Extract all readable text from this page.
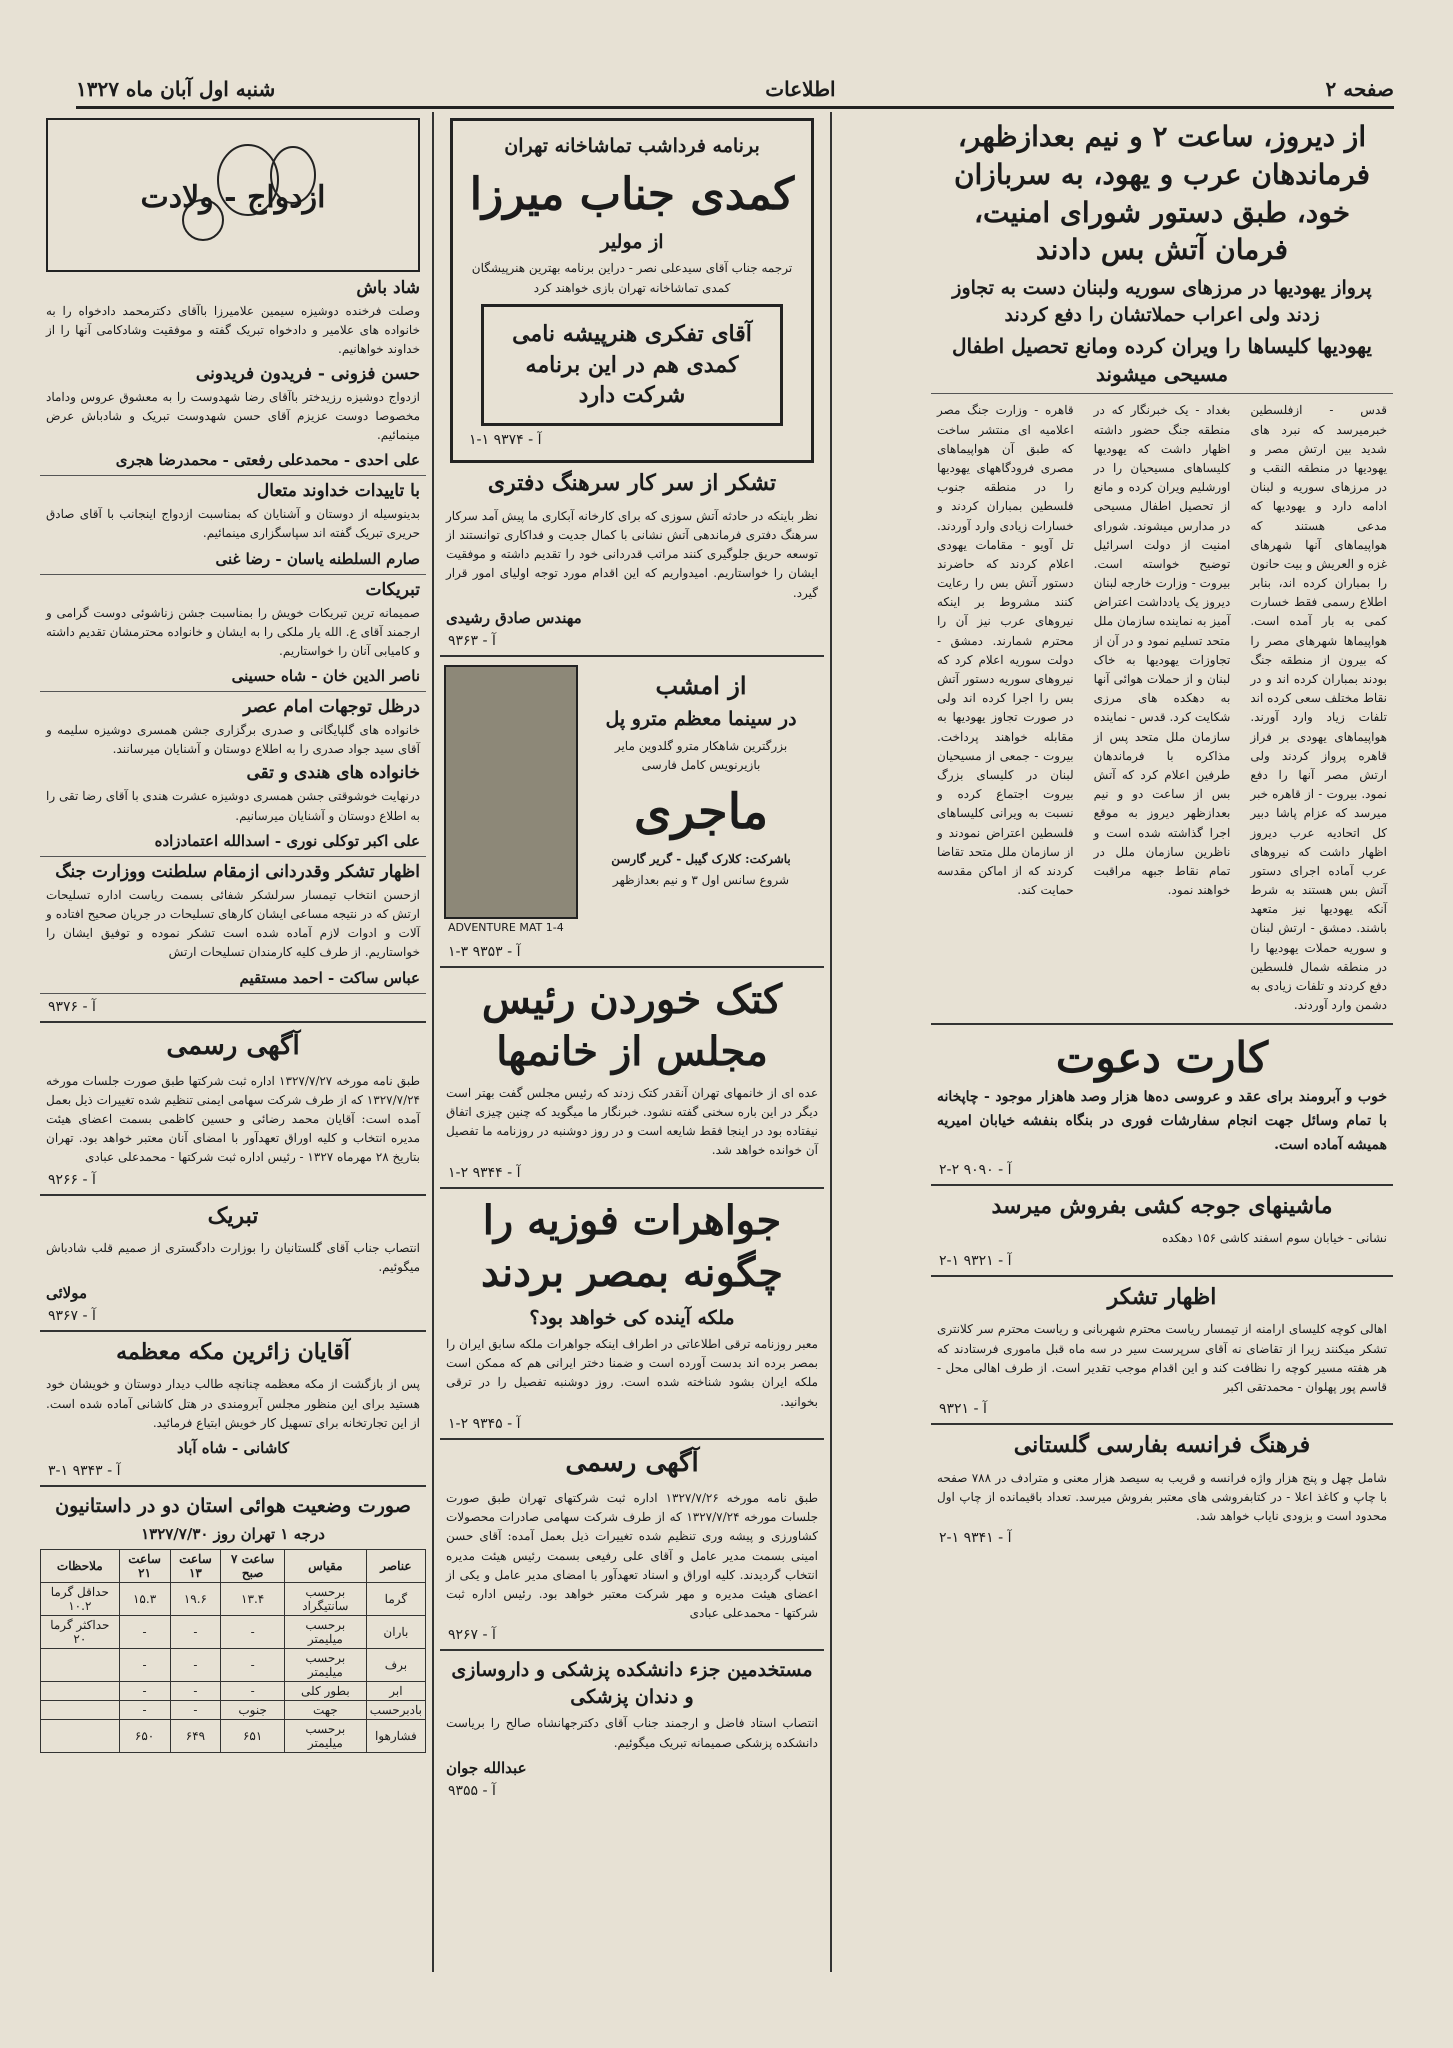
صفحه ۲
اطلاعات
شنبه اول آبان ماه ۱۳۲۷
از دیروز، ساعت ۲ و نیم بعدازظهر، فرماندهان عرب و یهود، به سربازان خود، طبق دستور شورای امنیت، فرمان آتش بس دادند
پرواز یهودیها در مرزهای سوریه ولبنان دست به تجاوز زدند ولی اعراب حملاتشان را دفع کردند
یهودیها کلیساها را ویران کرده ومانع تحصیل اطفال مسیحی میشوند
قدس - ازفلسطین خبرمیرسد که نبرد های شدید بین ارتش مصر و یهودیها در منطقه النقب و در مرزهای سوریه و لبنان ادامه دارد و یهودیها که مدعی هستند که هواپیماهای آنها شهرهای غزه و العریش و بیت حانون را بمباران کرده اند، بنابر اطلاع رسمی فقط خسارت کمی به بار آمده است. هواپیماها شهرهای مصر را که بیرون از منطقه جنگ بودند بمباران کرده اند و در نقاط مختلف سعی کرده اند تلفات زیاد وارد آورند. هواپیماهای یهودی بر فراز قاهره پرواز کردند ولی ارتش مصر آنها را دفع نمود. بیروت - از قاهره خبر میرسد که عزام پاشا دبیر کل اتحادیه عرب دیروز اظهار داشت که نیروهای عرب آماده اجرای دستور آتش بس هستند به شرط آنکه یهودیها نیز متعهد باشند. دمشق - ارتش لبنان و سوریه حملات یهودیها را در منطقه شمال فلسطین دفع کردند و تلفات زیادی به دشمن وارد آوردند.
بغداد - یک خبرنگار که در منطقه جنگ حضور داشته اظهار داشت که یهودیها کلیساهای مسیحیان را در اورشلیم ویران کرده و مانع از تحصیل اطفال مسیحی در مدارس میشوند. شورای امنیت از دولت اسرائیل توضیح خواسته است. بیروت - وزارت خارجه لبنان دیروز یک یادداشت اعتراض آمیز به نماینده سازمان ملل متحد تسلیم نمود و در آن از تجاوزات یهودیها به خاک لبنان و از حملات هوائی آنها به دهکده های مرزی شکایت کرد. قدس - نماینده سازمان ملل متحد پس از مذاکره با فرماندهان طرفین اعلام کرد که آتش بس از ساعت دو و نیم بعدازظهر دیروز به موقع اجرا گذاشته شده است و ناظرین سازمان ملل در تمام نقاط جبهه مراقبت خواهند نمود.
قاهره - وزارت جنگ مصر اعلامیه ای منتشر ساخت که طبق آن هواپیماهای مصری فرودگاههای یهودیها را در منطقه جنوب فلسطین بمباران کردند و خسارات زیادی وارد آوردند. تل آویو - مقامات یهودی اعلام کردند که حاضرند دستور آتش بس را رعایت کنند مشروط بر اینکه نیروهای عرب نیز آن را محترم شمارند. دمشق - دولت سوریه اعلام کرد که نیروهای سوریه دستور آتش بس را اجرا کرده اند ولی در صورت تجاوز یهودیها به مقابله خواهند پرداخت. بیروت - جمعی از مسیحیان لبنان در کلیسای بزرگ بیروت اجتماع کرده و نسبت به ویرانی کلیساهای فلسطین اعتراض نمودند و از سازمان ملل متحد تقاضا کردند که از اماکن مقدسه حمایت کند.
کارت دعوت
خوب و آبرومند برای عقد و عروسی ده‌ها هزار وصد هاهزار موجود - چاپخانه با تمام وسائل جهت انجام سفارشات فوری در بنگاه بنفشه خیابان امیریه همیشه آماده است.
آ - ۹۰۹۰ ۲-۲
ماشینهای جوجه کشی بفروش میرسد
نشانی - خیابان سوم اسفند کاشی ۱۵۶ دهکده
آ - ۹۳۲۱ ۱-۲
اظهار تشکر
اهالی کوچه کلیسای ارامنه از تیمسار ریاست محترم شهربانی و ریاست محترم سر کلانتری تشکر میکنند زیرا از تقاضای نه آقای سرپرست سیر در سه ماه قبل ماموری فرستادند که هر هفته مسیر کوچه را نظافت کند و این اقدام موجب تقدیر است. از طرف اهالی محل - قاسم پور پهلوان - محمدتقی اکبر
آ - ۹۳۲۱
فرهنگ فرانسه بفارسی گلستانی
شامل چهل و پنج هزار واژه فرانسه و قریب به سیصد هزار معنی و مترادف در ۷۸۸ صفحه با چاپ و کاغذ اعلا - در کتابفروشی های معتبر بفروش میرسد. تعداد باقیمانده از چاپ اول محدود است و بزودی نایاب خواهد شد.
آ - ۹۳۴۱ ۱-۲
برنامه فرداشب تماشاخانه تهران
کمدی جناب میرزا
از مولیر
ترجمه جناب آقای سیدعلی نصر - دراین برنامه بهترین هنرپیشگان کمدی تماشاخانه تهران بازی خواهند کرد
آقای تفکری هنرپیشه نامی کمدی هم در این برنامه شرکت دارد
آ - ۹۳۷۴ ۱-۱
تشکر از سر کار سرهنگ دفتری
نظر باینکه در حادثه آتش سوزی که برای کارخانه آبکاری ما پیش آمد سرکار سرهنگ دفتری فرماندهی آتش نشانی با کمال جدیت و فداکاری توانستند از توسعه حریق جلوگیری کنند مراتب قدردانی خود را تقدیم داشته و موفقیت ایشان را خواستاریم. امیدواریم که این اقدام مورد توجه اولیای امور قرار گیرد.
مهندس صادق رشیدی
آ - ۹۳۶۳
از امشب
در سینما معظم مترو پل
بزرگترین شاهکار مترو گلدوین مایر بازیرنویس کامل فارسی
ماجری
باشرکت: کلارک گیبل - گریر گارسن
شروع سانس اول ۳ و نیم بعدازظهر
ADVENTURE MAT 1-4
آ - ۹۳۵۳ ۳-۱
کتک خوردن رئیس مجلس از خانمها
عده ای از خانمهای تهران آنقدر کتک زدند که رئیس مجلس گفت بهتر است دیگر در این باره سخنی گفته نشود. خبرنگار ما میگوید که چنین چیزی اتفاق نیفتاده بود در اینجا فقط شایعه است و در روز دوشنبه در روزنامه ما تفصیل آن خوانده خواهد شد.
آ - ۹۳۴۴ ۲-۱
جواهرات فوزیه را چگونه بمصر بردند
ملکه آینده کی خواهد بود؟
معبر روزنامه ترقی اطلاعاتی در اطراف اینکه جواهرات ملکه سابق ایران را بمصر برده اند بدست آورده است و ضمنا دختر ایرانی هم که ممکن است ملکه ایران بشود شناخته شده است. روز دوشنبه تفصیل را در ترقی بخوانید.
آ - ۹۳۴۵ ۲-۱
آگهی رسمی
طبق نامه مورخه ۱۳۲۷/۷/۲۶ اداره ثبت شرکتهای تهران طبق صورت جلسات مورخه ۱۳۲۷/۷/۲۴ که از طرف شرکت سهامی صادرات محصولات کشاورزی و پیشه وری تنظیم شده تغییرات ذیل بعمل آمده: آقای حسن امینی بسمت مدیر عامل و آقای علی رفیعی بسمت رئیس هیئت مدیره انتخاب گردیدند. کلیه اوراق و اسناد تعهدآور با امضای مدیر عامل و یکی از اعضای هیئت مدیره و مهر شرکت معتبر خواهد بود. رئیس اداره ثبت شرکتها - محمدعلی عبادی
آ - ۹۲۶۷
مستخدمین جزء دانشکده پزشکی و داروسازی و دندان پزشکی
انتصاب استاد فاضل و ارجمند جناب آقای دکترجهانشاه صالح را بریاست دانشکده پزشکی صمیمانه تبریک میگوئیم.
عبدالله جوان
آ - ۹۳۵۵
ازدواج - ولادت
شاد باش
وصلت فرخنده دوشیزه سیمین علامیرزا باآقای دکترمحمد دادخواه را به خانواده های علامیر و دادخواه تبریک گفته و موفقیت وشادکامی آنها را از خداوند خواهانیم.
حسن فزونی - فریدون فریدونی
ازدواج دوشیزه رزیدختر باآقای رضا شهدوست را به معشوق عروس وداماد مخصوصا دوست عزیزم آقای حسن شهدوست تبریک و شادباش عرض مینمائیم.
علی احدی - محمدعلی رفعتی - محمدرضا هجری
با تاییدات خداوند متعال
بدینوسیله از دوستان و آشنایان که بمناسبت ازدواج اینجانب با آقای صادق حریری تبریک گفته اند سپاسگزاری مینمائیم.
صارم السلطنه یاسان - رضا غنی
تبریکات
صمیمانه ترین تبریکات خویش را بمناسبت جشن زناشوئی دوست گرامی و ارجمند آقای ع. الله یار ملکی را به ایشان و خانواده محترمشان تقدیم داشته و کامیابی آنان را خواستاریم.
ناصر الدین خان - شاه حسینی
درظل توجهات امام عصر
خانواده های گلپایگانی و صدری برگزاری جشن همسری دوشیزه سلیمه و آقای سید جواد صدری را به اطلاع دوستان و آشنایان میرسانند.
خانواده های هندی و تقی
درنهایت خوشوقتی جشن همسری دوشیزه عشرت هندی با آقای رضا تقی را به اطلاع دوستان و آشنایان میرسانیم.
علی اکبر توکلی نوری - اسدالله اعتمادزاده
اظهار تشکر وقدردانی ازمقام سلطنت ووزارت جنگ
ازحسن انتخاب تیمسار سرلشکر شفائی بسمت ریاست اداره تسلیحات ارتش که در نتیجه مساعی ایشان کارهای تسلیحات در جریان صحیح افتاده و آلات و ادوات لازم آماده شده است تشکر نموده و توفیق ایشان را خواستاریم. از طرف کلیه کارمندان تسلیحات ارتش
عباس ساکت - احمد مستقیم
آ - ۹۳۷۶
آگهی رسمی
طبق نامه مورخه ۱۳۲۷/۷/۲۷ اداره ثبت شرکتها طبق صورت جلسات مورخه ۱۳۲۷/۷/۲۴ که از طرف شرکت سهامی ایمنی تنظیم شده تغییرات ذیل بعمل آمده است: آقایان محمد رضائی و حسین کاظمی بسمت اعضای هیئت مدیره انتخاب و کلیه اوراق تعهدآور با امضای آنان معتبر خواهد بود. تهران بتاریخ ۲۸ مهرماه ۱۳۲۷ - رئیس اداره ثبت شرکتها - محمدعلی عبادی
آ - ۹۲۶۶
تبریک
انتصاب جناب آقای گلستانیان را بوزارت دادگستری از صمیم قلب شادباش میگوئیم.
مولائی
آ - ۹۳۶۷
آقایان زائرین مکه معظمه
پس از بازگشت از مکه معظمه چنانچه طالب دیدار دوستان و خویشان خود هستید برای این منظور مجلس آبرومندی در هتل کاشانی آماده شده است. از این تجارتخانه برای تسهیل کار خویش ابتیاع فرمائید.
کاشانی - شاه آباد
آ - ۹۳۴۳ ۱-۳
صورت وضعیت هوائی استان دو در داستانیون
درجه ۱ تهران روز ۱۳۲۷/۷/۳۰
عناصر	مقیاس	ساعت ۷ صبح	ساعت ۱۳	ساعت ۲۱	ملاحظات
گرما	برحسب سانتیگراد	۱۳.۴	۱۹.۶	۱۵.۳	حداقل گرما ۱۰.۲
باران	برحسب میلیمتر	-	-	-	حداکثر گرما ۲۰
برف	برحسب میلیمتر	-	-	-	
ابر	بطور کلی	-	-	-	
بادبرحسب	جهت	جنوب	-	-	
فشارهوا	برحسب میلیمتر	۶۵۱	۶۴۹	۶۵۰	
